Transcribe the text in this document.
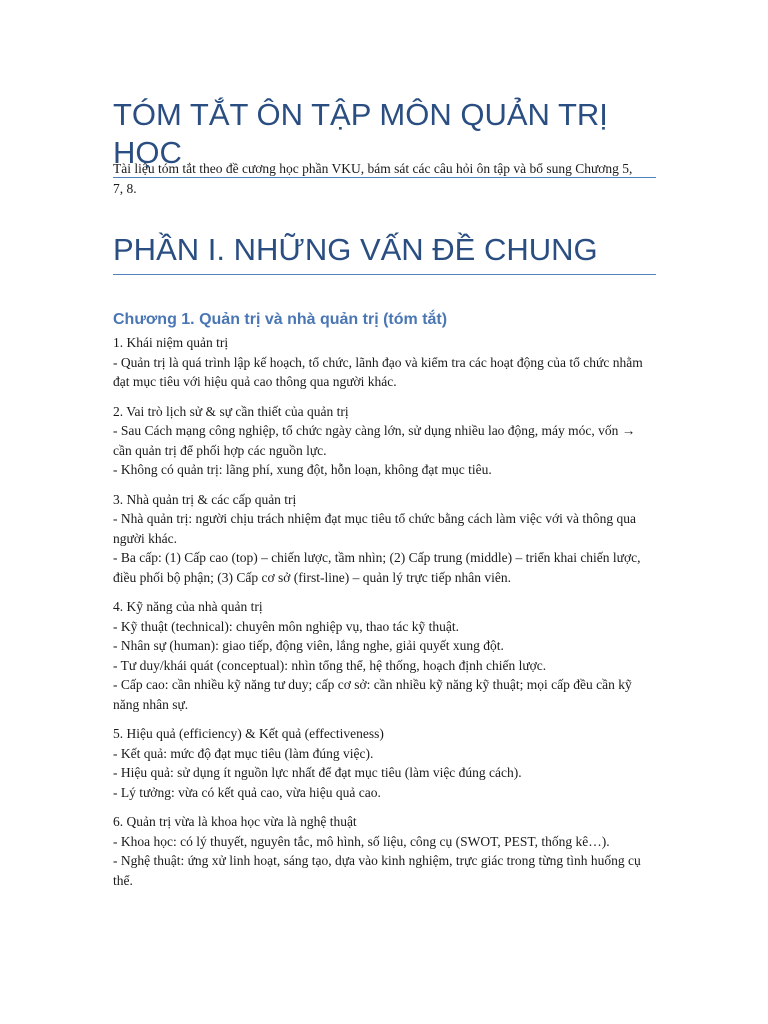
TÓM TẮT ÔN TẬP MÔN QUẢN TRỊ HỌC

Tài liệu tóm tắt theo đề cương học phần VKU, bám sát các câu hỏi ôn tập và bổ sung Chương 5, 7, 8.

PHẦN I. NHỮNG VẤN ĐỀ CHUNG
Chương 1. Quản trị và nhà quản trị (tóm tắt)

1. Khái niệm quản trị

- Quản trị là quá trình lập kế hoạch, tổ chức, lãnh đạo và kiểm tra các hoạt động của tổ chức nhằm đạt mục tiêu với hiệu quả cao thông qua người khác.

2. Vai trò lịch sử & sự cần thiết của quản trị

- Sau Cách mạng công nghiệp, tổ chức ngày càng lớn, sử dụng nhiều lao động, máy móc, vốn → cần quản trị để phối hợp các nguồn lực.

- Không có quản trị: lãng phí, xung đột, hỗn loạn, không đạt mục tiêu.

3. Nhà quản trị & các cấp quản trị

- Nhà quản trị: người chịu trách nhiệm đạt mục tiêu tổ chức bằng cách làm việc với và thông qua người khác.

- Ba cấp: (1) Cấp cao (top) – chiến lược, tầm nhìn; (2) Cấp trung (middle) – triển khai chiến lược, điều phối bộ phận; (3) Cấp cơ sở (first-line) – quản lý trực tiếp nhân viên.

4. Kỹ năng của nhà quản trị

- Kỹ thuật (technical): chuyên môn nghiệp vụ, thao tác kỹ thuật.

- Nhân sự (human): giao tiếp, động viên, lắng nghe, giải quyết xung đột.

- Tư duy/khái quát (conceptual): nhìn tổng thể, hệ thống, hoạch định chiến lược.

- Cấp cao: cần nhiều kỹ năng tư duy; cấp cơ sở: cần nhiều kỹ năng kỹ thuật; mọi cấp đều cần kỹ năng nhân sự.

5. Hiệu quả (efficiency) & Kết quả (effectiveness)

- Kết quả: mức độ đạt mục tiêu (làm đúng việc).

- Hiệu quả: sử dụng ít nguồn lực nhất để đạt mục tiêu (làm việc đúng cách).

- Lý tưởng: vừa có kết quả cao, vừa hiệu quả cao.

6. Quản trị vừa là khoa học vừa là nghệ thuật

- Khoa học: có lý thuyết, nguyên tắc, mô hình, số liệu, công cụ (SWOT, PEST, thống kê…).

- Nghệ thuật: ứng xử linh hoạt, sáng tạo, dựa vào kinh nghiệm, trực giác trong từng tình huống cụ thể.
